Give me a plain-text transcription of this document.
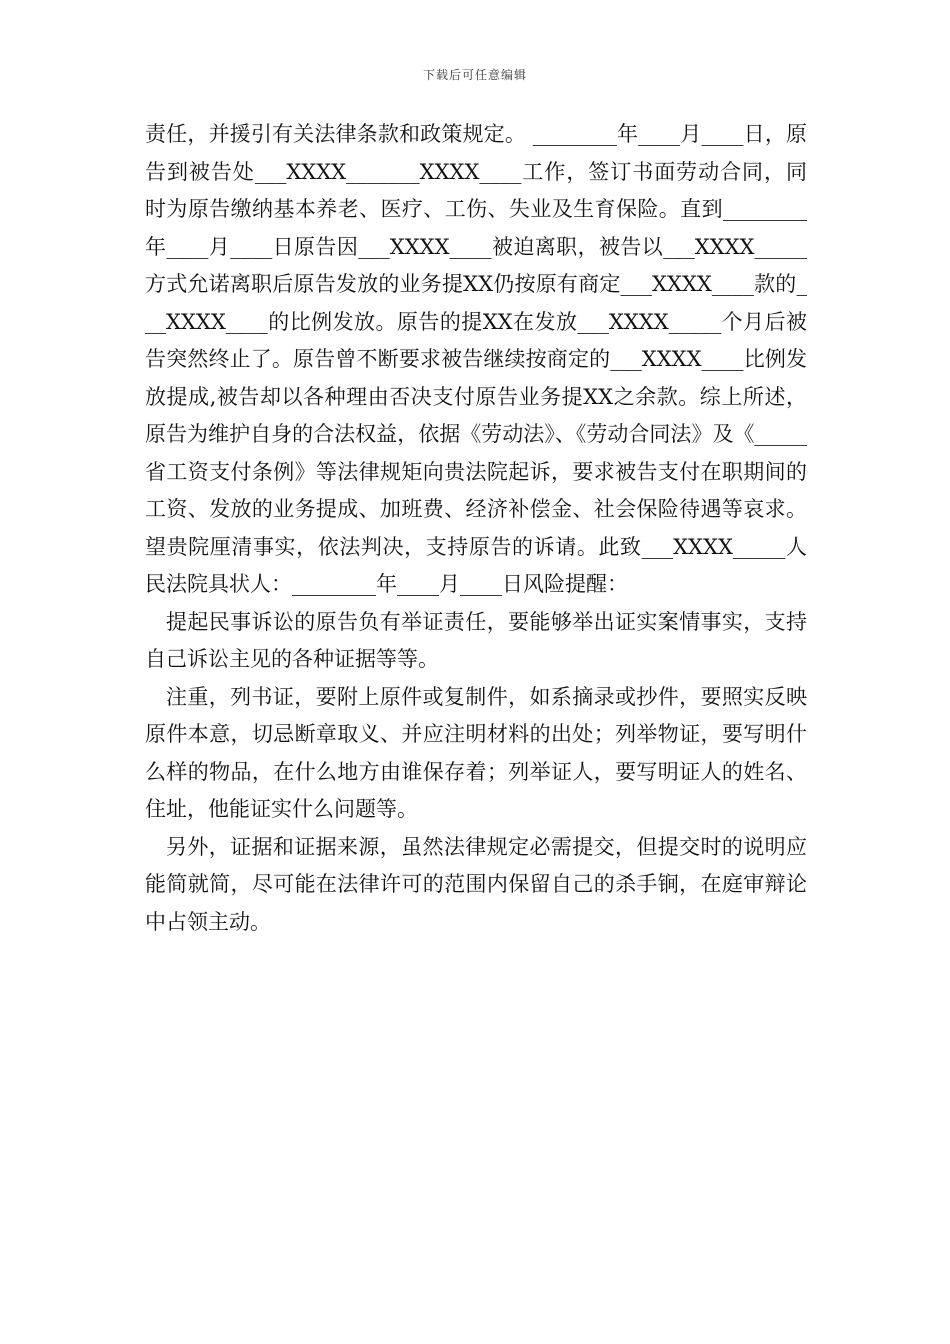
下载后可任意编辑

责任，并援引有关法律条款和政策规定。 ________年____月____日，原告到被告处___XXXX_______XXXX____工作，签订书面劳动合同，同时为原告缴纳基本养老、医疗、工伤、失业及生育保险。直到________年____月____日原告因___XXXX____被迫离职，被告以___XXXX_____方式允诺离职后原告发放的业务提XX仍按原有商定___XXXX____款的___XXXX____的比例发放。原告的提XX在发放___XXXX_____个月后被告突然终止了。原告曾不断要求被告继续按商定的___XXXX____比例发放提成,被告却以各种理由否决支付原告业务提XX之余款。综上所述，原告为维护自身的合法权益，依据《劳动法》、《劳动合同法》及《_____省工资支付条例》等法律规矩向贵法院起诉，要求被告支付在职期间的工资、发放的业务提成、加班费、经济补偿金、社会保险待遇等哀求。望贵院厘清事实，依法判决，支持原告的诉请。此致___XXXX_____人民法院具状人：________年____月____日风险提醒：

提起民事诉讼的原告负有举证责任，要能够举出证实案情事实，支持自己诉讼主见的各种证据等等。

注重，列书证，要附上原件或复制件，如系摘录或抄件，要照实反映原件本意，切忌断章取义、并应注明材料的出处；列举物证，要写明什么样的物品，在什么地方由谁保存着；列举证人，要写明证人的姓名、住址，他能证实什么问题等。

另外，证据和证据来源，虽然法律规定必需提交，但提交时的说明应能简就简，尽可能在法律许可的范围内保留自己的杀手锏，在庭审辩论中占领主动。
